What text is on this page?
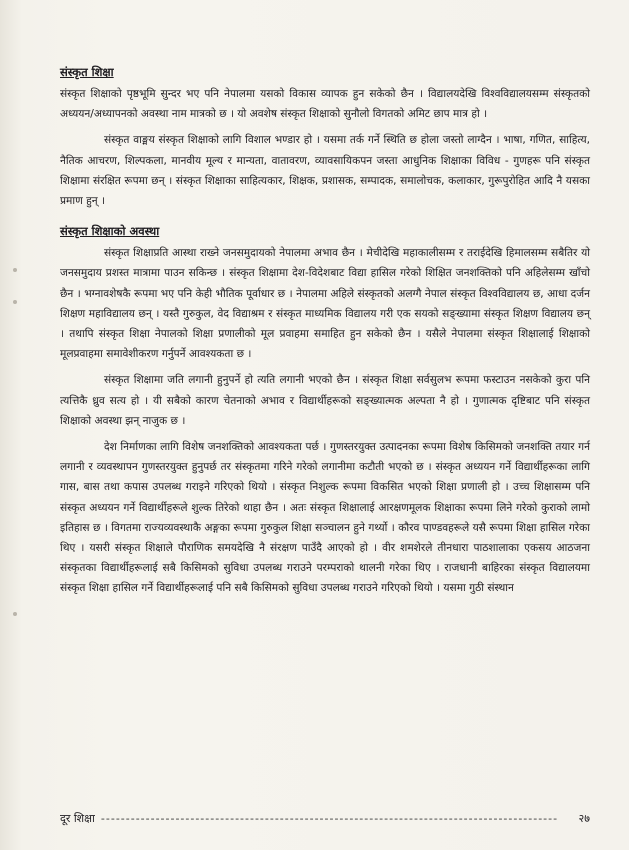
संस्कृत शिक्षा

संस्कृत शिक्षाको पृष्ठभूमि सुन्दर भए पनि नेपालमा यसको विकास व्यापक हुन सकेको छैन । विद्यालयदेखि विश्वविद्यालयसम्म संस्कृतको अध्ययन/अध्यापनको अवस्था नाम मात्रको छ । यो अवशेष संस्कृत शिक्षाको सुनौलो विगतको अमिट छाप मात्र हो ।

संस्कृत वाङ्मय संस्कृत शिक्षाको लागि विशाल भण्डार हो । यसमा तर्क गर्ने स्थिति छ होला जस्तो लाग्दैन । भाषा, गणित, साहित्य, नैतिक आचरण, शिल्पकला, मानवीय मूल्य र मान्यता, वातावरण, व्यावसायिकपन जस्ता आधुनिक शिक्षाका विविध - गुणहरू पनि संस्कृत शिक्षामा संरक्षित रूपमा छन् । संस्कृत शिक्षाका साहित्यकार, शिक्षक, प्रशासक, सम्पादक, समालोचक, कलाकार, गुरूपुरोहित आदि नै यसका प्रमाण हुन् ।

संस्कृत शिक्षाको अवस्था

संस्कृत शिक्षाप्रति आस्था राख्ने जनसमुदायको नेपालमा अभाव छैन । मेचीदेखि महाकालीसम्म र तराईदेखि हिमालसम्म सबैतिर यो जनसमुदाय प्रशस्त मात्रामा पाउन सकिन्छ । संस्कृत शिक्षामा देश-विदेशबाट विद्या हासिल गरेको शिक्षित जनशक्तिको पनि अहिलेसम्म खाँचो छैन । भग्नावशेषकै रूपमा भए पनि केही भौतिक पूर्वाधार छ । नेपालमा अहिले संस्कृतको अलग्गै नेपाल संस्कृत विश्वविद्यालय छ, आधा दर्जन शिक्षण महाविद्यालय छन् । यस्तै गुरुकुल, वेद विद्याश्रम र संस्कृत माध्यमिक विद्यालय गरी एक सयको सङ्ख्यामा संस्कृत शिक्षण विद्यालय छन् । तथापि संस्कृत शिक्षा नेपालको शिक्षा प्रणालीको मूल प्रवाहमा समाहित हुन सकेको छैन । यसैले नेपालमा संस्कृत शिक्षालाई शिक्षाको मूलप्रवाहमा समावेशीकरण गर्नुपर्ने आवश्यकता छ ।

संस्कृत शिक्षामा जति लगानी हुनुपर्ने हो त्यति लगानी भएको छैन । संस्कृत शिक्षा सर्वसुलभ रूपमा फस्टाउन नसकेको कुरा पनि त्यत्तिकै ध्रुव सत्य हो । यी सबैको कारण चेतनाको अभाव र विद्यार्थीहरूको सङ्ख्यात्मक अल्पता नै हो । गुणात्मक दृष्टिबाट पनि संस्कृत शिक्षाको अवस्था झन् नाजुक छ ।

देश निर्माणका लागि विशेष जनशक्तिको आवश्यकता पर्छ । गुणस्तरयुक्त उत्पादनका रूपमा विशेष किसिमको जनशक्ति तयार गर्न लगानी र व्यवस्थापन गुणस्तरयुक्त हुनुपर्छ तर संस्कृतमा गरिने गरेको लगानीमा कटौती भएको छ । संस्कृत अध्ययन गर्ने विद्यार्थीहरूका लागि गास, बास तथा कपास उपलब्ध गराइने गरिएको थियो । संस्कृत निशुल्क रूपमा विकसित भएको शिक्षा प्रणाली हो । उच्च शिक्षासम्म पनि संस्कृत अध्ययन गर्ने विद्यार्थीहरूले शुल्क तिरेको थाहा छैन । अतः संस्कृत शिक्षालाई आरक्षणमूलक शिक्षाका रूपमा लिने गरेको कुराको लामो इतिहास छ । विगतमा राज्यव्यवस्थाकै अङ्गका रूपमा गुरुकुल शिक्षा सञ्चालन हुने गर्थ्यो । कौरव पाण्डवहरूले यसै रूपमा शिक्षा हासिल गरेका थिए । यसरी संस्कृत शिक्षाले पौराणिक समयदेखि नै संरक्षण पाउँदै आएको हो । वीर शमशेरले तीनधारा पाठशालाका एकसय आठजना संस्कृतका विद्यार्थीहरूलाई सबै किसिमको सुविधा उपलब्ध गराउने परम्पराको थालनी गरेका थिए । राजधानी बाहिरका संस्कृत विद्यालयमा संस्कृत शिक्षा हासिल गर्ने विद्यार्थीहरूलाई पनि सबै किसिमको सुविधा उपलब्ध गराउने गरिएको थियो । यसमा गुठी संस्थान

दूर शिक्षा --------------------------------------------------------------------------------------------	२७
